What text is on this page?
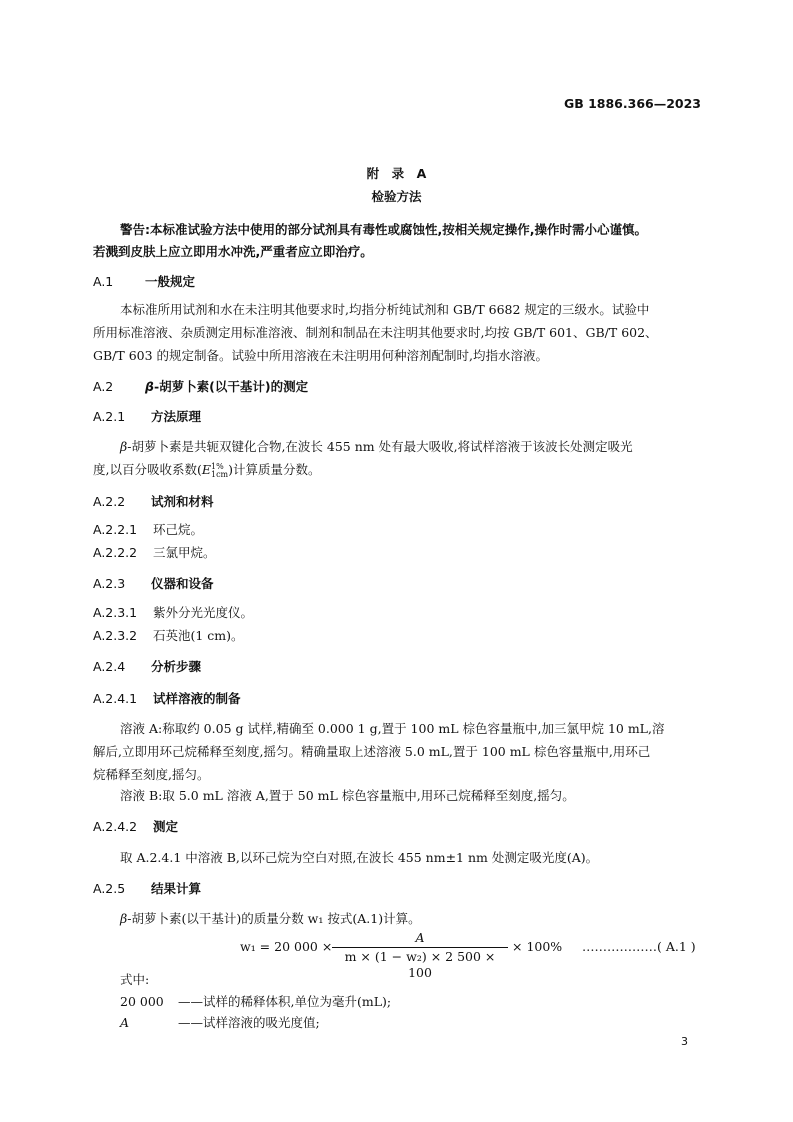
GB 1886.366—2023
附　录　A
检验方法
警告:本标准试验方法中使用的部分试剂具有毒性或腐蚀性,按相关规定操作,操作时需小心谨慎。
若溅到皮肤上应立即用水冲洗,严重者应立即治疗。
A.1	一般规定
本标准所用试剂和水在未注明其他要求时,均指分析纯试剂和 GB/T 6682 规定的三级水。试验中
所用标准溶液、杂质测定用标准溶液、制剂和制品在未注明其他要求时,均按 GB/T 601、GB/T 602、
GB/T 603 的规定制备。试验中所用溶液在未注明用何种溶剂配制时,均指水溶液。
A.2	β-胡萝卜素(以干基计)的测定
A.2.1 方法原理
β-胡萝卜素是共轭双键化合物,在波长 455 nm 处有最大吸收,将试样溶液于该波长处测定吸光
度,以百分吸收系数(E 1%
1cm )计算质量分数。
A.2.2 试剂和材料
A.2.2.1 环己烷。
A.2.2.2 三氯甲烷。
A.2.3 仪器和设备
A.2.3.1 紫外分光光度仪。
A.2.3.2 石英池(1 cm)。
A.2.4 分析步骤
A.2.4.1 试样溶液的制备
溶液 A:称取约 0.05 g 试样,精确至 0.000 1 g,置于 100 mL 棕色容量瓶中,加三氯甲烷 10 mL,溶
解后,立即用环己烷稀释至刻度,摇匀。精确量取上述溶液 5.0 mL,置于 100 mL 棕色容量瓶中,用环己
烷稀释至刻度,摇匀。
溶液 B:取 5.0 mL 溶液 A,置于 50 mL 棕色容量瓶中,用环己烷稀释至刻度,摇匀。
A.2.4.2 测定
取 A.2.4.1 中溶液 B,以环己烷为空白对照,在波长 455 nm±1 nm 处测定吸光度(A)。
A.2.5 结果计算
β-胡萝卜素(以干基计)的质量分数 w₁ 按式(A.1)计算。
w₁ = 20 000 ×
A
m × (1 − w₂) × 2 500 × 100
× 100% ………………( A.1 )
式中:
20 000 ——试样的稀释体积,单位为毫升(mL);
A	——试样溶液的吸光度值;
3
